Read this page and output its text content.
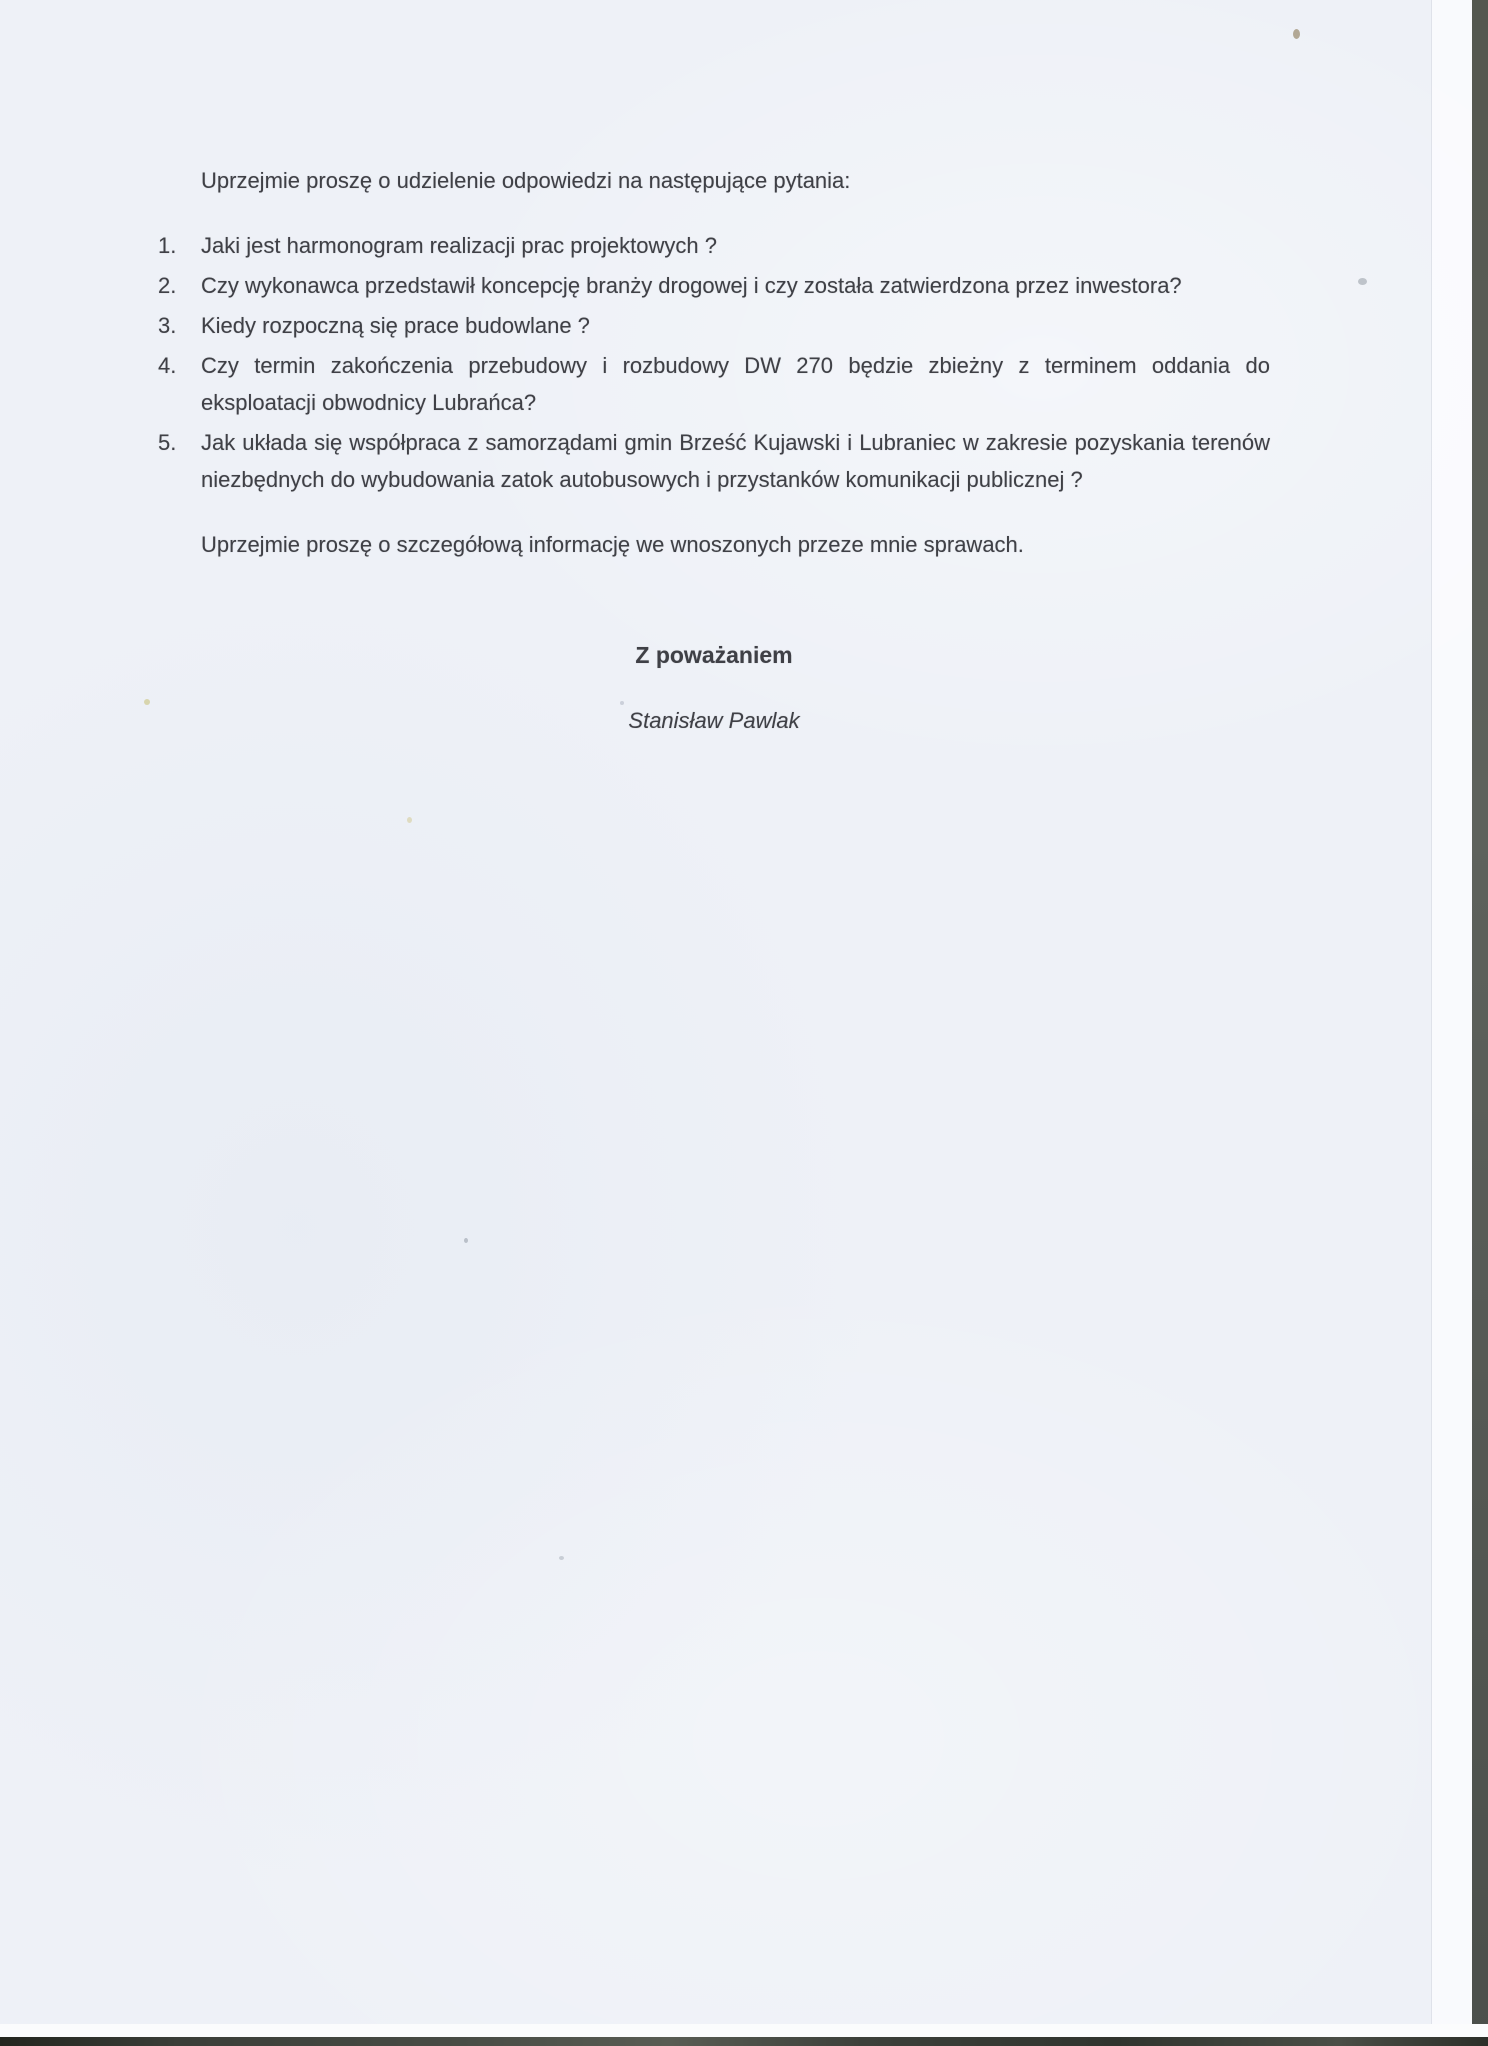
Uprzejmie proszę o udzielenie odpowiedzi na następujące pytania:

1.	Jaki jest harmonogram realizacji prac projektowych ?
2.	Czy wykonawca przedstawił koncepcję branży drogowej i czy została zatwierdzona przez inwestora?
3.	Kiedy rozpoczną się prace budowlane ?
4.	Czy termin zakończenia przebudowy i rozbudowy DW 270 będzie zbieżny z terminem oddania do eksploatacji obwodnicy Lubrańca?
5.	Jak układa się współpraca z samorządami gmin Brześć Kujawski i Lubraniec w zakresie pozyskania terenów niezbędnych do wybudowania zatok autobusowych i przystanków komunikacji publicznej ?

Uprzejmie proszę o szczegółową informację we wnoszonych przeze mnie sprawach.

Z poważaniem

Stanisław Pawlak
